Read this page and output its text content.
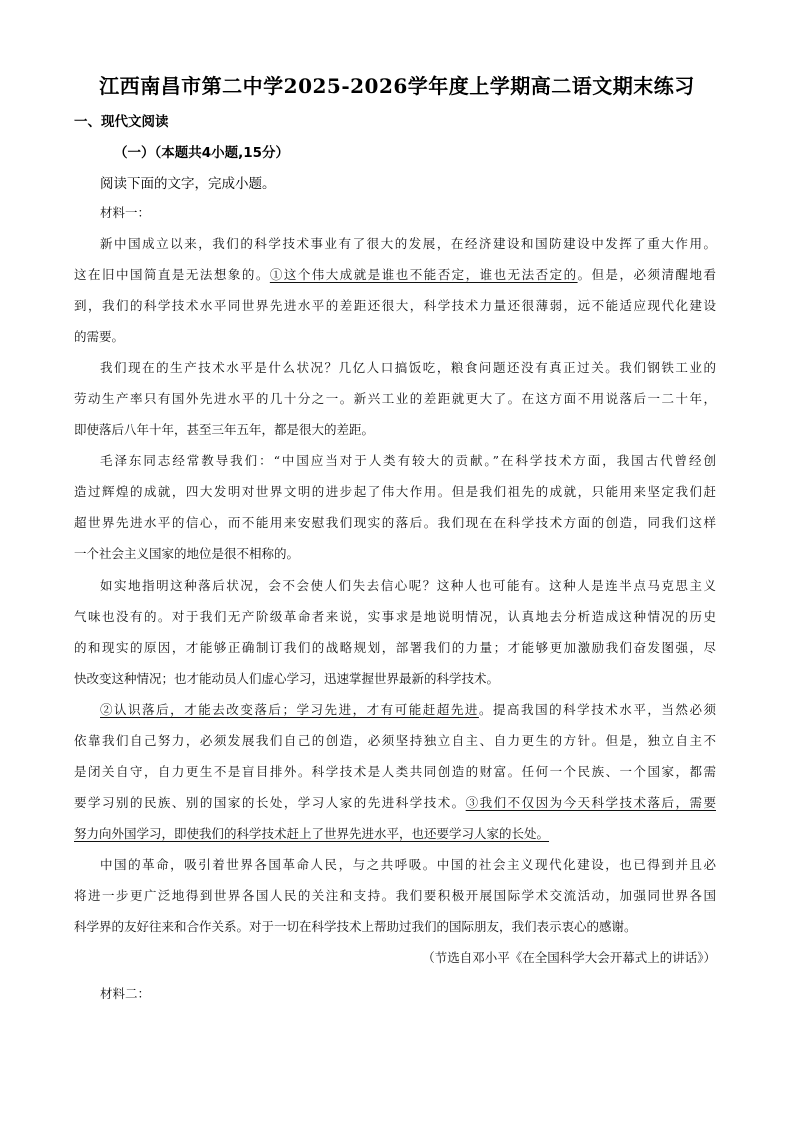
江西南昌市第二中学2025-2026学年度上学期高二语文期末练习
一、现代文阅读
（一）（本题共4小题,15分）
阅读下面的文字，完成小题。
材料一：
新中国成立以来，我们的科学技术事业有了很大的发展，在经济建设和国防建设中发挥了重大作用。
这在旧中国简直是无法想象的。①这个伟大成就是谁也不能否定，谁也无法否定的。但是，必须清醒地看
到，我们的科学技术水平同世界先进水平的差距还很大，科学技术力量还很薄弱，远不能适应现代化建设
的需要。
我们现在的生产技术水平是什么状况？几亿人口搞饭吃，粮食问题还没有真正过关。我们钢铁工业的
劳动生产率只有国外先进水平的几十分之一。新兴工业的差距就更大了。在这方面不用说落后一二十年，
即使落后八年十年，甚至三年五年，都是很大的差距。
毛泽东同志经常教导我们：“中国应当对于人类有较大的贡献。”在科学技术方面，我国古代曾经创
造过辉煌的成就，四大发明对世界文明的进步起了伟大作用。但是我们祖先的成就，只能用来坚定我们赶
超世界先进水平的信心，而不能用来安慰我们现实的落后。我们现在在科学技术方面的创造，同我们这样
一个社会主义国家的地位是很不相称的。
如实地指明这种落后状况，会不会使人们失去信心呢？这种人也可能有。这种人是连半点马克思主义
气味也没有的。对于我们无产阶级革命者来说，实事求是地说明情况，认真地去分析造成这种情况的历史
的和现实的原因，才能够正确制订我们的战略规划，部署我们的力量；才能够更加激励我们奋发图强，尽
快改变这种情况；也才能动员人们虚心学习，迅速掌握世界最新的科学技术。
②认识落后，才能去改变落后；学习先进，才有可能赶超先进。提高我国的科学技术水平，当然必须
依靠我们自己努力，必须发展我们自己的创造，必须坚持独立自主、自力更生的方针。但是，独立自主不
是闭关自守，自力更生不是盲目排外。科学技术是人类共同创造的财富。任何一个民族、一个国家，都需
要学习别的民族、别的国家的长处，学习人家的先进科学技术。③我们不仅因为今天科学技术落后，需要
努力向外国学习，即使我们的科学技术赶上了世界先进水平，也还要学习人家的长处。
中国的革命，吸引着世界各国革命人民，与之共呼吸。中国的社会主义现代化建设，也已得到并且必
将进一步更广泛地得到世界各国人民的关注和支持。我们要积极开展国际学术交流活动，加强同世界各国
科学界的友好往来和合作关系。对于一切在科学技术上帮助过我们的国际朋友，我们表示衷心的感谢。
（节选自邓小平《在全国科学大会开幕式上的讲话》）
材料二：
